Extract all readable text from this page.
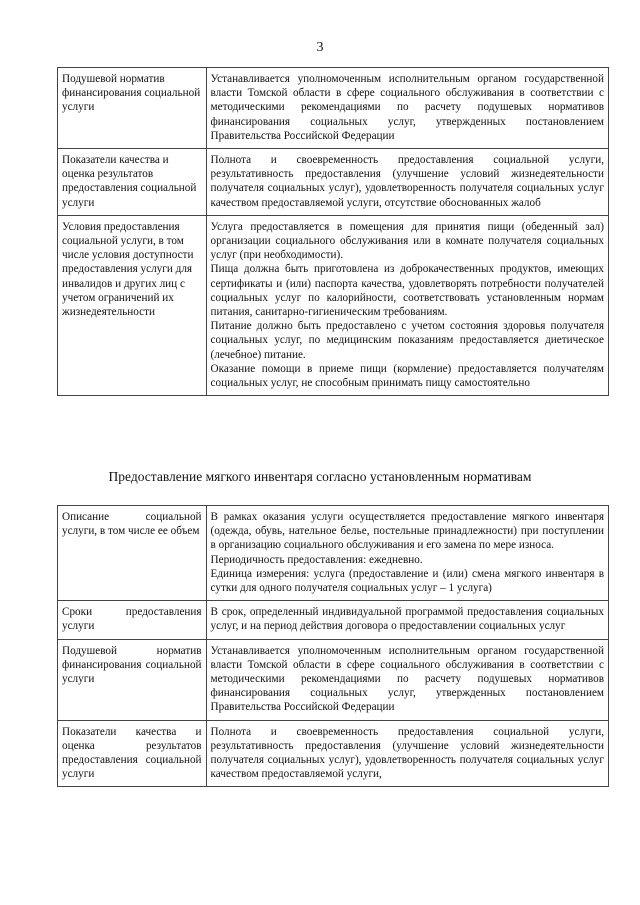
3
Подушевой норматив финансирования социальной услуги	Устанавливается уполномоченным исполнительным органом государственной власти Томской области в сфере социального обслуживания в соответствии с методическими рекомендациями по расчету подушевых нормативов финансирования социальных услуг, утвержденных постановлением Правительства Российской Федерации

Показатели качества и оценка результатов предоставления социальной услуги	Полнота и своевременность предоставления социальной услуги, результативность предоставления (улучшение условий жизнедеятельности получателя социальных услуг), удовлетворенность получателя социальных услуг качеством предоставляемой услуги, отсутствие обоснованных жалоб

Условия предоставления социальной услуги, в том числе условия доступности предоставления услуги для инвалидов и других лиц с учетом ограничений их жизнедеятельности	Услуга предоставляется в помещения для принятия пищи (обеденный зал) организации социального обслуживания или в комнате получателя социальных услуг (при необходимости).

Пища должна быть приготовлена из доброкачественных продуктов, имеющих сертификаты и (или) паспорта качества, удовлетворять потребности получателей социальных услуг по калорийности, соответствовать установленным нормам питания, санитарно-гигиеническим требованиям.

Питание должно быть предоставлено с учетом состояния здоровья получателя социальных услуг, по медицинским показаниям предоставляется диетическое (лечебное) питание.

Оказание помощи в приеме пищи (кормление) предоставляется получателям социальных услуг, не способным принимать пищу самостоятельно

Предоставление мягкого инвентаря согласно установленным нормативам
Описание социальной услуги, в том числе ее объем	В рамках оказания услуги осуществляется предоставление мягкого инвентаря (одежда, обувь, нательное белье, постельные принадлежности) при поступлении в организацию социального обслуживания и его замена по мере износа.

Периодичность предоставления: ежедневно.

Единица измерения: услуга (предоставление и (или) смена мягкого инвентаря в сутки для одного получателя социальных услуг – 1 услуга)

Сроки предоставления услуги	В срок, определенный индивидуальной программой предоставления социальных услуг, и на период действия договора о предоставлении социальных услуг

Подушевой норматив финансирования социальной услуги	Устанавливается уполномоченным исполнительным органом государственной власти Томской области в сфере социального обслуживания в соответствии с методическими рекомендациями по расчету подушевых нормативов финансирования социальных услуг, утвержденных постановлением Правительства Российской Федерации

Показатели качества и оценка результатов предоставления социальной услуги	Полнота и своевременность предоставления социальной услуги, результативность предоставления (улучшение условий жизнедеятельности получателя социальных услуг), удовлетворенность получателя социальных услуг качеством предоставляемой услуги,
